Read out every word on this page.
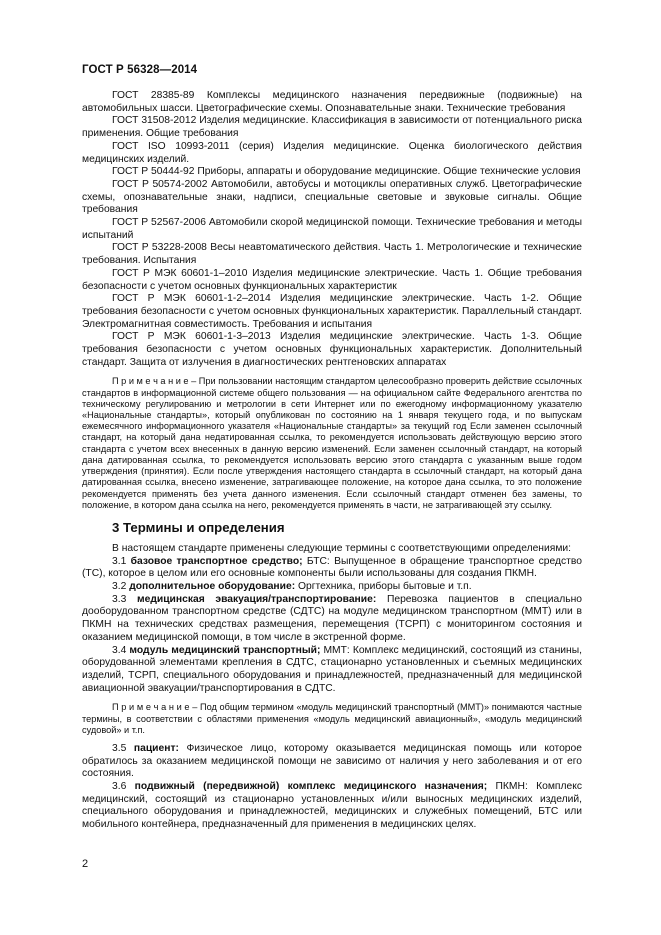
ГОСТ Р 56328—2014

ГОСТ 28385-89 Комплексы медицинского назначения передвижные (подвижные) на автомобильных шасси. Цветографические схемы. Опознавательные знаки. Технические требования

ГОСТ 31508-2012 Изделия медицинские. Классификация в зависимости от потенциального риска применения. Общие требования

ГОСТ ISO 10993-2011 (серия) Изделия медицинские. Оценка биологического действия медицинских изделий.

ГОСТ Р 50444-92 Приборы, аппараты и оборудование медицинские. Общие технические условия

ГОСТ Р 50574-2002 Автомобили, автобусы и мотоциклы оперативных служб. Цветографические схемы, опознавательные знаки, надписи, специальные световые и звуковые сигналы. Общие требования

ГОСТ Р 52567-2006 Автомобили скорой медицинской помощи. Технические требования и методы испытаний

ГОСТ Р 53228-2008 Весы неавтоматического действия. Часть 1. Метрологические и технические требования. Испытания

ГОСТ Р МЭК 60601-1–2010 Изделия медицинские электрические. Часть 1. Общие требования безопасности с учетом основных функциональных характеристик

ГОСТ Р МЭК 60601-1-2–2014 Изделия медицинские электрические. Часть 1-2. Общие требования безопасности с учетом основных функциональных характеристик. Параллельный стандарт. Электромагнитная совместимость. Требования и испытания

ГОСТ Р МЭК 60601-1-3–2013 Изделия медицинские электрические. Часть 1-3. Общие требования безопасности с учетом основных функциональных характеристик. Дополнительный стандарт. Защита от излучения в диагностических рентгеновских аппаратах

П р и м е ч а н и е – При пользовании настоящим стандартом целесообразно проверить действие ссылочных стандартов в информационной системе общего пользования — на официальном сайте Федерального агентства по техническому регулированию и метрологии в сети Интернет или по ежегодному информационному указателю «Национальные стандарты», который опубликован по состоянию на 1 января текущего года, и по выпускам ежемесячного информационного указателя «Национальные стандарты» за текущий год Если заменен ссылочный стандарт, на который дана недатированная ссылка, то рекомендуется использовать действующую версию этого стандарта с учетом всех внесенных в данную версию изменений. Если заменен ссылочный стандарт, на который дана датированная ссылка, то рекомендуется использовать версию этого стандарта с указанным выше годом утверждения (принятия). Если после утверждения настоящего стандарта в ссылочный стандарт, на который дана датированная ссылка, внесено изменение, затрагивающее положение, на которое дана ссылка, то это положение рекомендуется применять без учета данного изменения. Если ссылочный стандарт отменен без замены, то положение, в котором дана ссылка на него, рекомендуется применять в части, не затрагивающей эту ссылку.

3 Термины и определения

В настоящем стандарте применены следующие термины с соответствующими определениями:

3.1 базовое транспортное средство; БТС: Выпущенное в обращение транспортное средство (ТС), которое в целом или его основные компоненты были использованы для создания ПКМН.

3.2 дополнительное оборудование: Оргтехника, приборы бытовые и т.п.

3.3 медицинская эвакуация/транспортирование: Перевозка пациентов в специально дооборудованном транспортном средстве (СДТС) на модуле медицинском транспортном (ММТ) или в ПКМН на технических средствах размещения, перемещения (ТСРП) с мониторингом состояния и оказанием медицинской помощи, в том числе в экстренной форме.

3.4 модуль медицинский транспортный; ММТ: Комплекс медицинский, состоящий из станины, оборудованной элементами крепления в СДТС, стационарно установленных и съемных медицинских изделий, ТСРП, специального оборудования и принадлежностей, предназначенный для медицинской авиационной эвакуации/транспортирования в СДТС.

П р и м е ч а н и е – Под общим термином «модуль медицинский транспортный (ММТ)» понимаются частные термины, в соответствии с областями применения «модуль медицинский авиационный», «модуль медицинский судовой» и т.п.

3.5 пациент: Физическое лицо, которому оказывается медицинская помощь или которое обратилось за оказанием медицинской помощи не зависимо от наличия у него заболевания и от его состояния.

3.6 подвижный (передвижной) комплекс медицинского назначения; ПКМН: Комплекс медицинский, состоящий из стационарно установленных и/или выносных медицинских изделий, специального оборудования и принадлежностей, медицинских и служебных помещений, БТС или мобильного контейнера, предназначенный для применения в медицинских целях.

2
